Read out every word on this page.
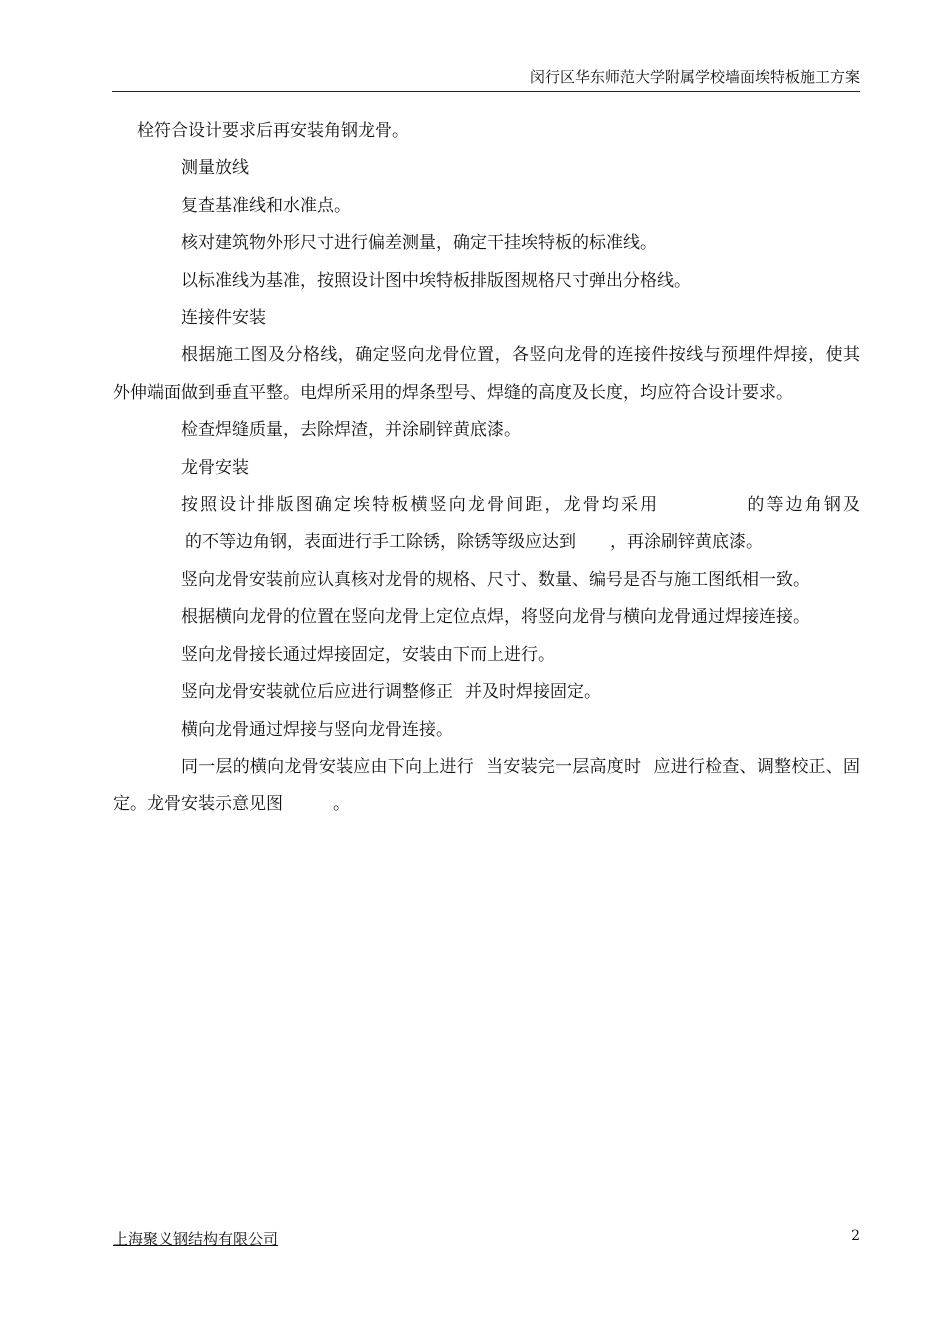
闵行区华东师范大学附属学校墙面埃特板施工方案

栓符合设计要求后再安装角钢龙骨。

测量放线

复查基准线和水准点。

核对建筑物外形尺寸进行偏差测量，确定干挂埃特板的标准线。

以标准线为基准，按照设计图中埃特板排版图规格尺寸弹出分格线。

连接件安装

根据施工图及分格线，确定竖向龙骨位置，各竖向龙骨的连接件按线与预埋件焊接，使其外伸端面做到垂直平整。电焊所采用的焊条型号、焊缝的高度及长度，均应符合设计要求。

检查焊缝质量，去除焊渣，并涂刷锌黄底漆。

龙骨安装

按照设计排版图确定埃特板横竖向龙骨间距，龙骨均采用	的等边角钢及

的不等边角钢，表面进行手工除锈，除锈等级应达到 ，再涂刷锌黄底漆。

竖向龙骨安装前应认真核对龙骨的规格、尺寸、数量、编号是否与施工图纸相一致。

根据横向龙骨的位置在竖向龙骨上定位点焊，将竖向龙骨与横向龙骨通过焊接连接。

竖向龙骨接长通过焊接固定，安装由下而上进行。

竖向龙骨安装就位后应进行调整修正 并及时焊接固定。

横向龙骨通过焊接与竖向龙骨连接。

同一层的横向龙骨安装应由下向上进行 当安装完一层高度时 应进行检查、调整校正、固定。龙骨安装示意见图	。

上海聚义钢结构有限公司	2
